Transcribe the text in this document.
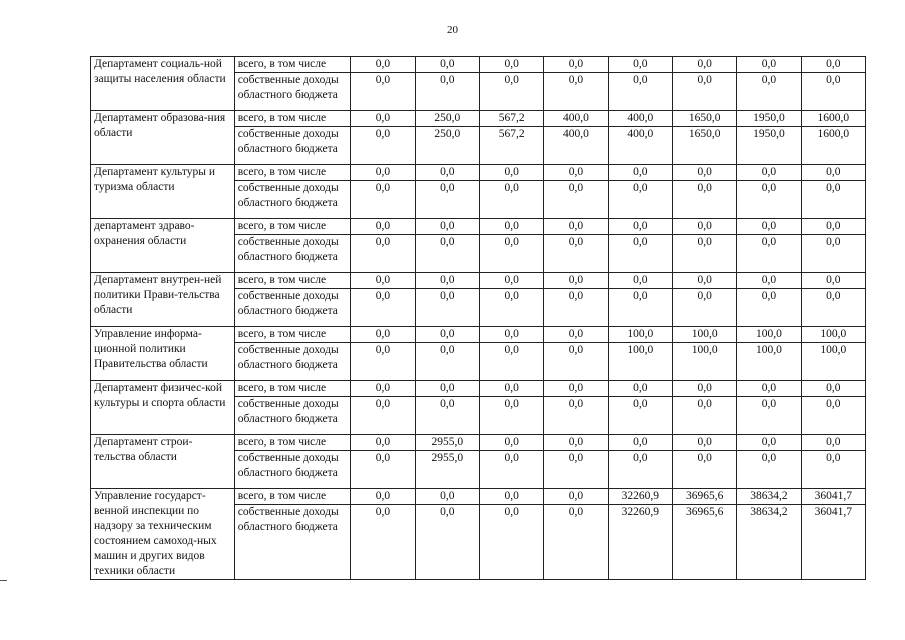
20
Департамент социаль-ной защиты населения области	всего, в том числе	0,0	0,0	0,0	0,0	0,0	0,0	0,0	0,0
	собственные доходы областного бюджета	0,0	0,0	0,0	0,0	0,0	0,0	0,0	0,0
Департамент образова-ния области	всего, в том числе	0,0	250,0	567,2	400,0	400,0	1650,0	1950,0	1600,0
	собственные доходы областного бюджета	0,0	250,0	567,2	400,0	400,0	1650,0	1950,0	1600,0
Департамент культуры и туризма области	всего, в том числе	0,0	0,0	0,0	0,0	0,0	0,0	0,0	0,0
	собственные доходы областного бюджета	0,0	0,0	0,0	0,0	0,0	0,0	0,0	0,0
департамент здраво-охранения области	всего, в том числе	0,0	0,0	0,0	0,0	0,0	0,0	0,0	0,0
	собственные доходы областного бюджета	0,0	0,0	0,0	0,0	0,0	0,0	0,0	0,0
Департамент внутрен-ней политики Прави-тельства области	всего, в том числе	0,0	0,0	0,0	0,0	0,0	0,0	0,0	0,0
	собственные доходы областного бюджета	0,0	0,0	0,0	0,0	0,0	0,0	0,0	0,0
Управление информа-ционной политики Правительства области	всего, в том числе	0,0	0,0	0,0	0,0	100,0	100,0	100,0	100,0
	собственные доходы областного бюджета	0,0	0,0	0,0	0,0	100,0	100,0	100,0	100,0
Департамент физичес-кой культуры и спорта области	всего, в том числе	0,0	0,0	0,0	0,0	0,0	0,0	0,0	0,0
	собственные доходы областного бюджета	0,0	0,0	0,0	0,0	0,0	0,0	0,0	0,0
Департамент строи-тельства области	всего, в том числе	0,0	2955,0	0,0	0,0	0,0	0,0	0,0	0,0
	собственные доходы областного бюджета	0,0	2955,0	0,0	0,0	0,0	0,0	0,0	0,0
Управление государст-венной инспекции по надзору за техническим состоянием самоход-ных машин и других видов техники области	всего, в том числе	0,0	0,0	0,0	0,0	32260,9	36965,6	38634,2	36041,7
	собственные доходы областного бюджета	0,0	0,0	0,0	0,0	32260,9	36965,6	38634,2	36041,7
